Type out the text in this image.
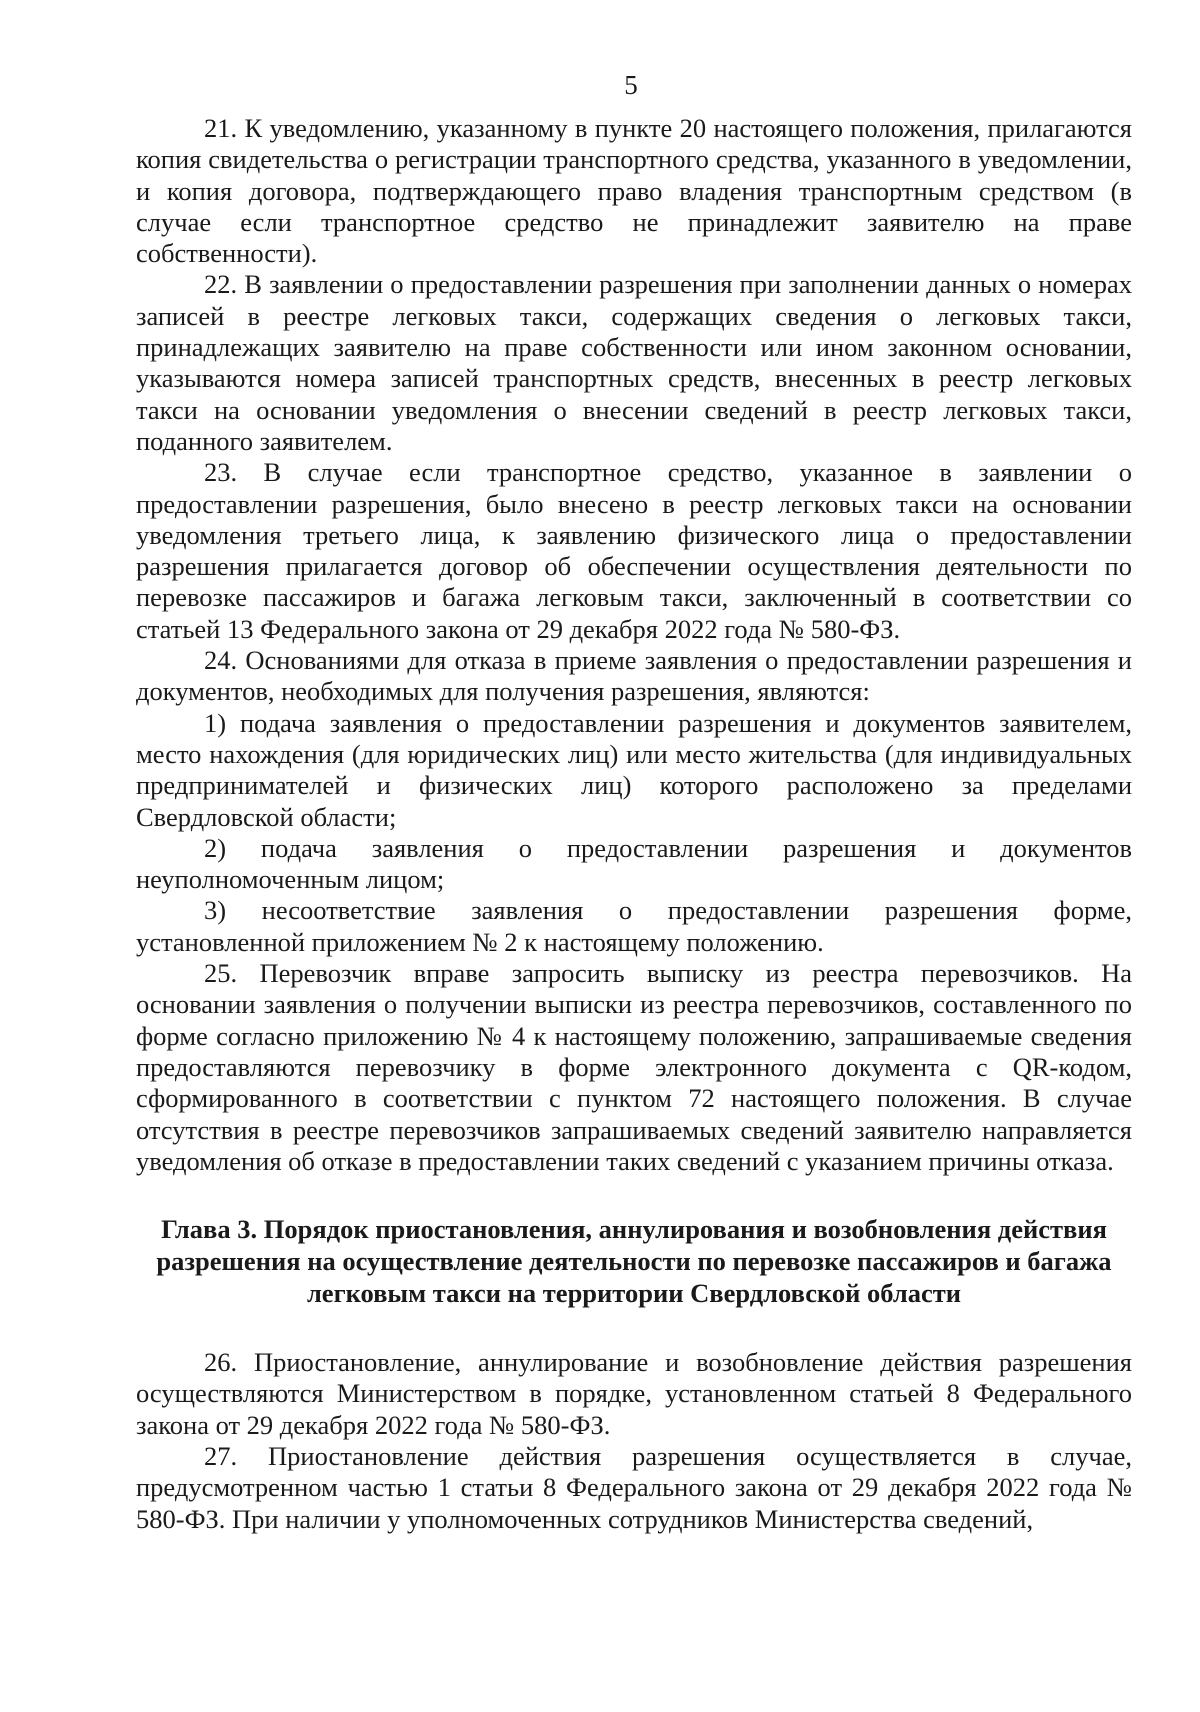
5

21. К уведомлению, указанному в пункте 20 настоящего положения, прилагаются копия свидетельства о регистрации транспортного средства, указанного в уведомлении, и копия договора, подтверждающего право владения транспортным средством (в случае если транспортное средство не принадлежит заявителю на праве собственности).

22. В заявлении о предоставлении разрешения при заполнении данных о номерах записей в реестре легковых такси, содержащих сведения о легковых такси, принадлежащих заявителю на праве собственности или ином законном основании, указываются номера записей транспортных средств, внесенных в реестр легковых такси на основании уведомления о внесении сведений в реестр легковых такси, поданного заявителем.

23. В случае если транспортное средство, указанное в заявлении о предоставлении разрешения, было внесено в реестр легковых такси на основании уведомления третьего лица, к заявлению физического лица о предоставлении разрешения прилагается договор об обеспечении осуществления деятельности по перевозке пассажиров и багажа легковым такси, заключенный в соответствии со статьей 13 Федерального закона от 29 декабря 2022 года № 580-ФЗ.

24. Основаниями для отказа в приеме заявления о предоставлении разрешения и документов, необходимых для получения разрешения, являются:

1) подача заявления о предоставлении разрешения и документов заявителем, место нахождения (для юридических лиц) или место жительства (для индивидуальных предпринимателей и физических лиц) которого расположено за пределами Свердловской области;

2) подача заявления о предоставлении разрешения и документов неуполномоченным лицом;

3) несоответствие заявления о предоставлении разрешения форме, установленной приложением № 2 к настоящему положению.

25. Перевозчик вправе запросить выписку из реестра перевозчиков. На основании заявления о получении выписки из реестра перевозчиков, составленного по форме согласно приложению № 4 к настоящему положению, запрашиваемые сведения предоставляются перевозчику в форме электронного документа с QR-кодом, сформированного в соответствии с пунктом 72 настоящего положения. В случае отсутствия в реестре перевозчиков запрашиваемых сведений заявителю направляется уведомления об отказе в предоставлении таких сведений с указанием причины отказа.

Глава 3. Порядок приостановления, аннулирования и возобновления действия разрешения на осуществление деятельности по перевозке пассажиров и багажа легковым такси на территории Свердловской области

26. Приостановление, аннулирование и возобновление действия разрешения осуществляются Министерством в порядке, установленном статьей 8 Федерального закона от 29 декабря 2022 года № 580-ФЗ.

27. Приостановление действия разрешения осуществляется в случае, предусмотренном частью 1 статьи 8 Федерального закона от 29 декабря 2022 года № 580-ФЗ. При наличии у уполномоченных сотрудников Министерства сведений,
